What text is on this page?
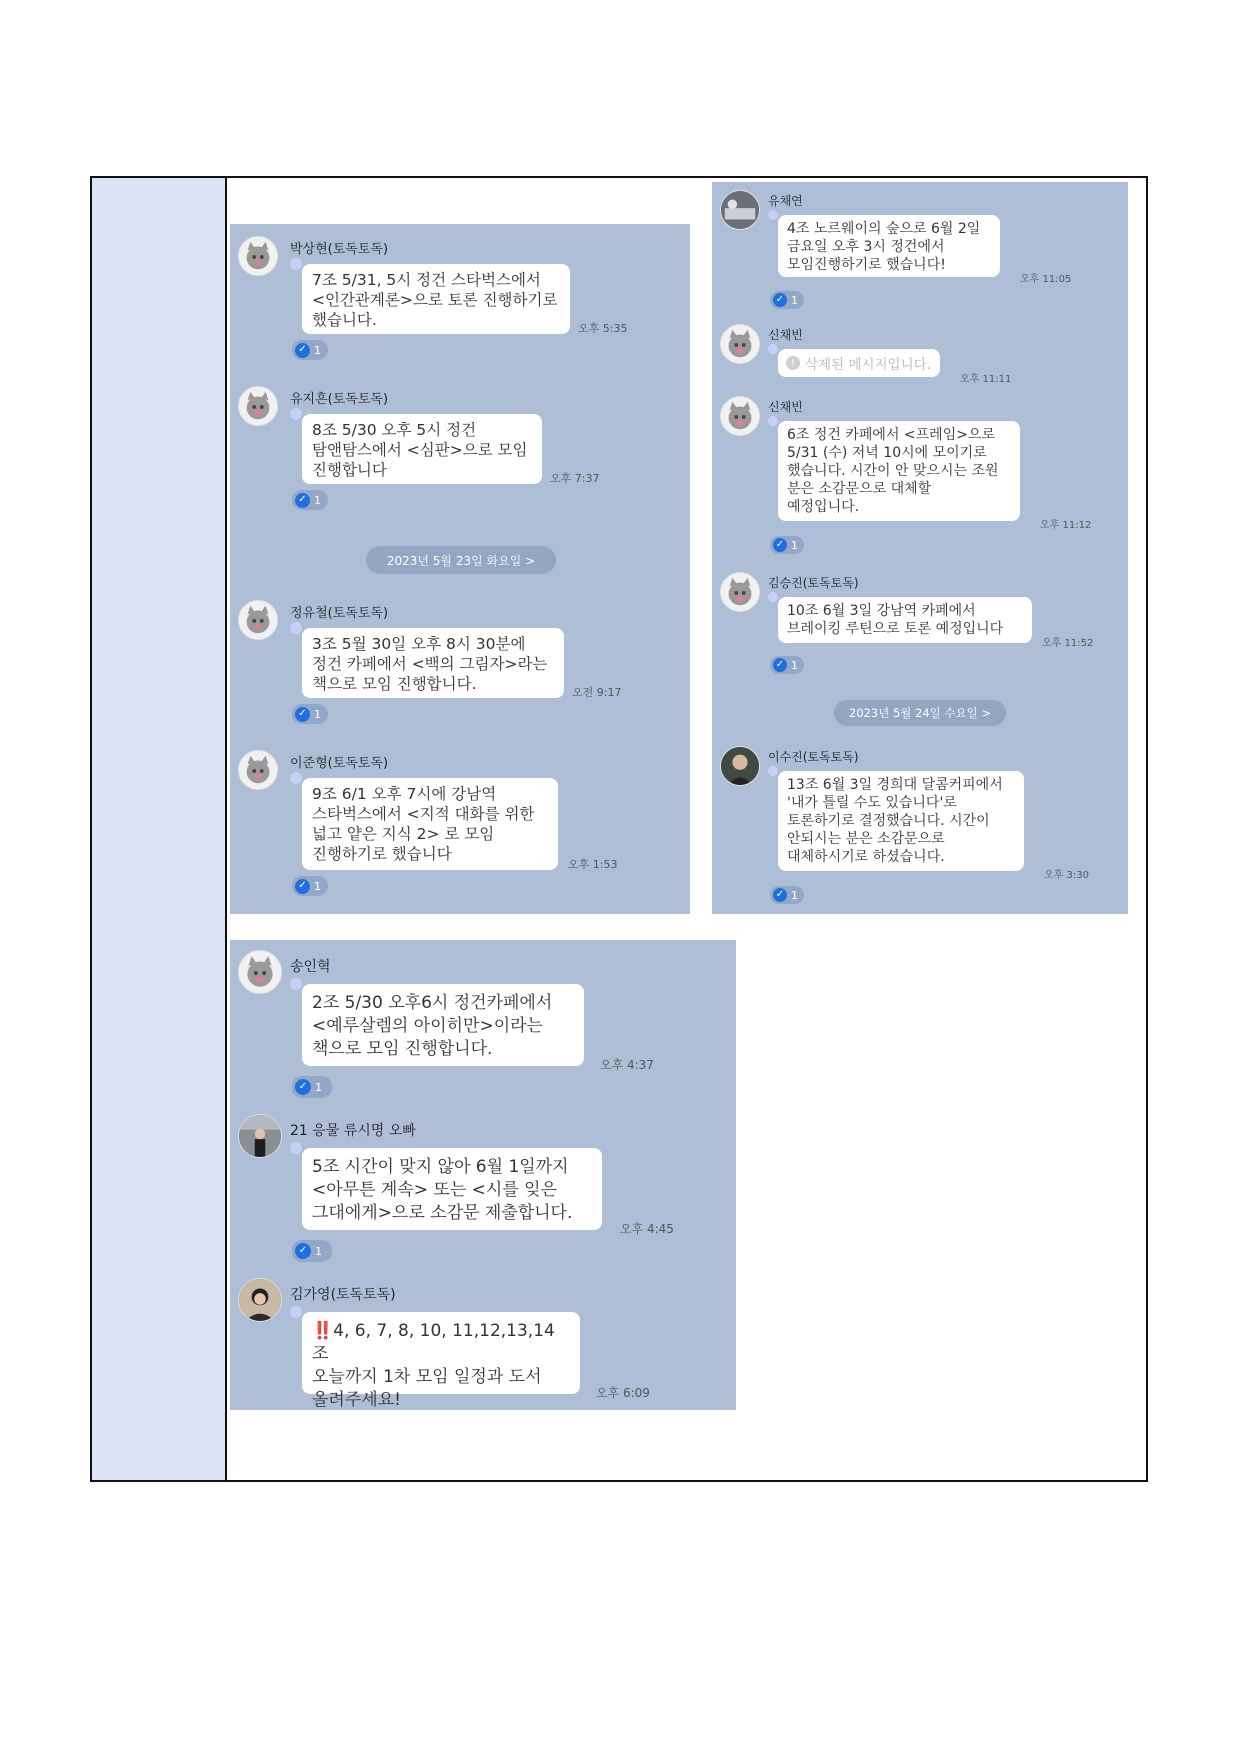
박상현(토독토독)
7조 5/31, 5시 정건 스타벅스에서
<인간관계론>으로 토론 진행하기로
했습니다.	오후 5:35
✓ 1
유지흔(토독토독)
8조 5/30 오후 5시 정건
탐앤탐스에서 <심판>으로 모임
진행합니다	오후 7:37
✓ 1
2023년 5월 23일 화요일 >
정유철(토독토독)
3조 5월 30일 오후 8시 30분에
정건 카페에서 <백의 그림자>라는
책으로 모임 진행합니다.	오전 9:17
✓ 1
이준형(토독토독)
9조 6/1 오후 7시에 강남역
스타벅스에서 <지적 대화를 위한
넓고 얕은 지식 2> 로 모임
진행하기로 했습니다
오후 1:53
✓ 1
유채연
4조 노르웨이의 숲으로 6월 2일
금요일 오후 3시 정건에서
모임진행하기로 했습니다!
오후 11:05
✓ 1
신채빈
! 삭제된 메시지입니다.
오후 11:11
신채빈
6조 정건 카페에서 <프레임>으로
5/31 (수) 저녁 10시에 모이기로
했습니다. 시간이 안 맞으시는 조원
분은 소감문으로 대체할
예정입니다.
오후 11:12
✓ 1
김승진(토독토독)
10조 6월 3일 강남역 카페에서
브레이킹 루틴으로 토론 예정입니다
오후 11:52
✓ 1
2023년 5월 24일 수요일 >
이수진(토독토독)
13조 6월 3일 경희대 달콤커피에서
'내가 틀릴 수도 있습니다'로
토론하기로 결정했습니다. 시간이
안되시는 분은 소감문으로
대체하시기로 하셨습니다.
오후 3:30
✓ 1
송인혁
2조 5/30 오후6시 정건카페에서
<예루살렘의 아이히만>이라는
책으로 모임 진행합니다.
오후 4:37
✓ 1
21 응물 류시명 오빠
5조 시간이 맞지 않아 6월 1일까지
<아무튼 계속> 또는 <시를 잊은
그대에게>으로 소감문 제출합니다.
오후 4:45
✓ 1
김가영(토독토독)
‼️4, 6, 7, 8, 10, 11,12,13,14조
오늘까지 1차 모임 일정과 도서
올려주세요!	오후 6:09
